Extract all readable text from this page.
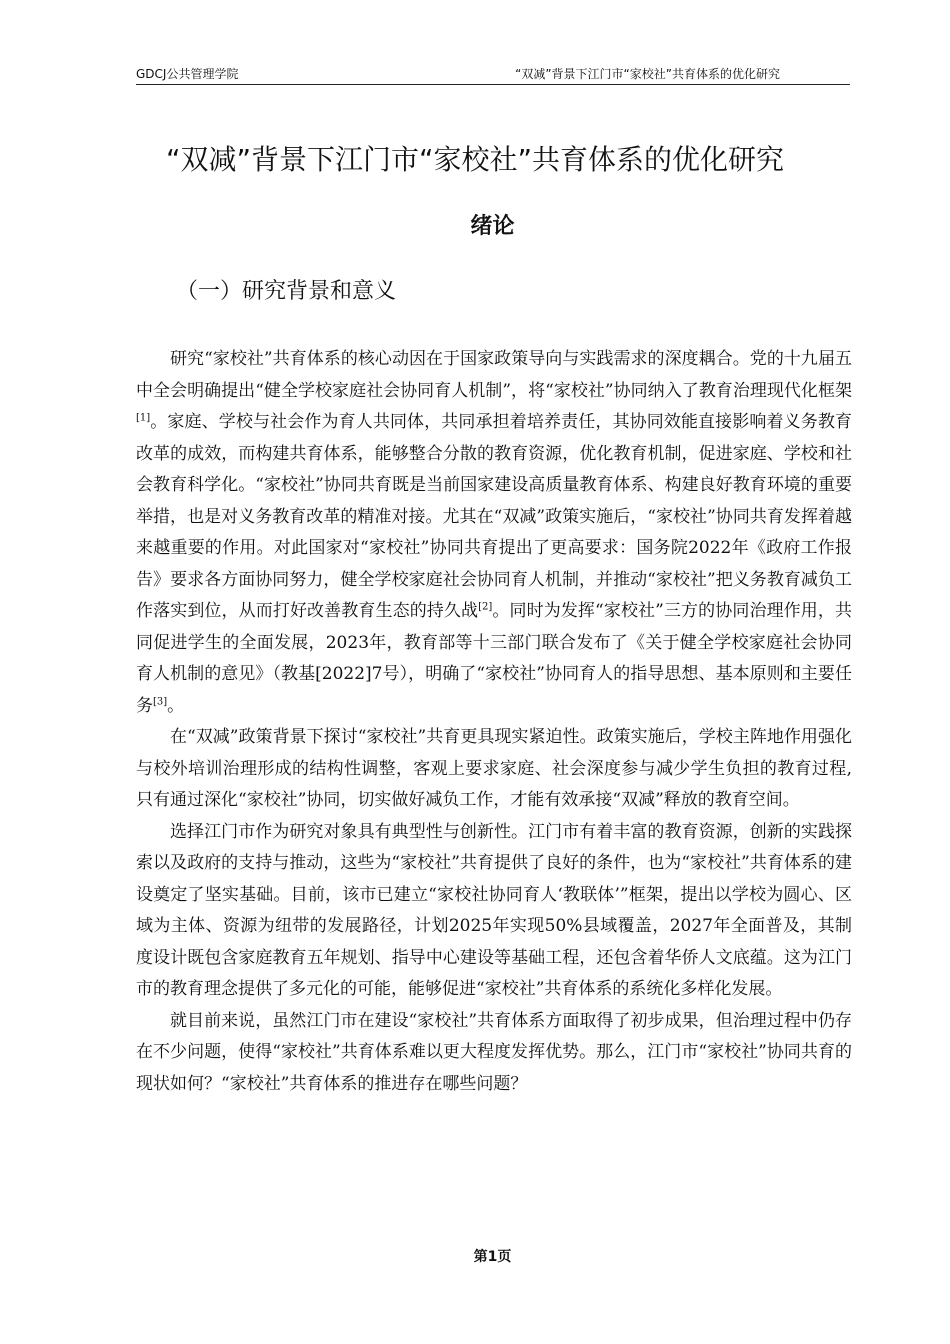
GDCJ公共管理学院	“双减”背景下江门市“家校社”共育体系的优化研究
“双减”背景下江门市“家校社”共育体系的优化研究
绪论
（一）研究背景和意义

研究“家校社”共育体系的核心动因在于国家政策导向与实践需求的深度耦合。党的十九届五中全会明确提出“健全学校家庭社会协同育人机制”，将“家校社”协同纳入了教育治理现代化框架[1]。家庭、学校与社会作为育人共同体，共同承担着培养责任，其协同效能直接影响着义务教育改革的成效，而构建共育体系，能够整合分散的教育资源，优化教育机制，促进家庭、学校和社会教育科学化。“家校社”协同共育既是当前国家建设高质量教育体系、构建良好教育环境的重要举措，也是对义务教育改革的精准对接。尤其在“双减”政策实施后，“家校社”协同共育发挥着越来越重要的作用。对此国家对“家校社”协同共育提出了更高要求：国务院2022年《政府工作报告》要求各方面协同努力，健全学校家庭社会协同育人机制，并推动“家校社”把义务教育减负工作落实到位，从而打好改善教育生态的持久战[2]。同时为发挥“家校社”三方的协同治理作用，共同促进学生的全面发展，2023年，教育部等十三部门联合发布了《关于健全学校家庭社会协同育人机制的意见》（教基[2022]7号），明确了“家校社”协同育人的指导思想、基本原则和主要任务[3]。

在“双减”政策背景下探讨“家校社”共育更具现实紧迫性。政策实施后，学校主阵地作用强化与校外培训治理形成的结构性调整，客观上要求家庭、社会深度参与减少学生负担的教育过程,只有通过深化“家校社”协同，切实做好减负工作，才能有效承接“双减”释放的教育空间。

选择江门市作为研究对象具有典型性与创新性。江门市有着丰富的教育资源，创新的实践探索以及政府的支持与推动，这些为“家校社”共育提供了良好的条件，也为“家校社”共育体系的建设奠定了坚实基础。目前，该市已建立“家校社协同育人‘教联体’”框架，提出以学校为圆心、区域为主体、资源为纽带的发展路径，计划2025年实现50%县域覆盖，2027年全面普及，其制度设计既包含家庭教育五年规划、指导中心建设等基础工程，还包含着华侨人文底蕴。这为江门市的教育理念提供了多元化的可能，能够促进“家校社”共育体系的系统化多样化发展。

就目前来说，虽然江门市在建设“家校社”共育体系方面取得了初步成果，但治理过程中仍存在不少问题，使得“家校社”共育体系难以更大程度发挥优势。那么，江门市“家校社”协同共育的现状如何？“家校社”共育体系的推进存在哪些问题？

第1页
